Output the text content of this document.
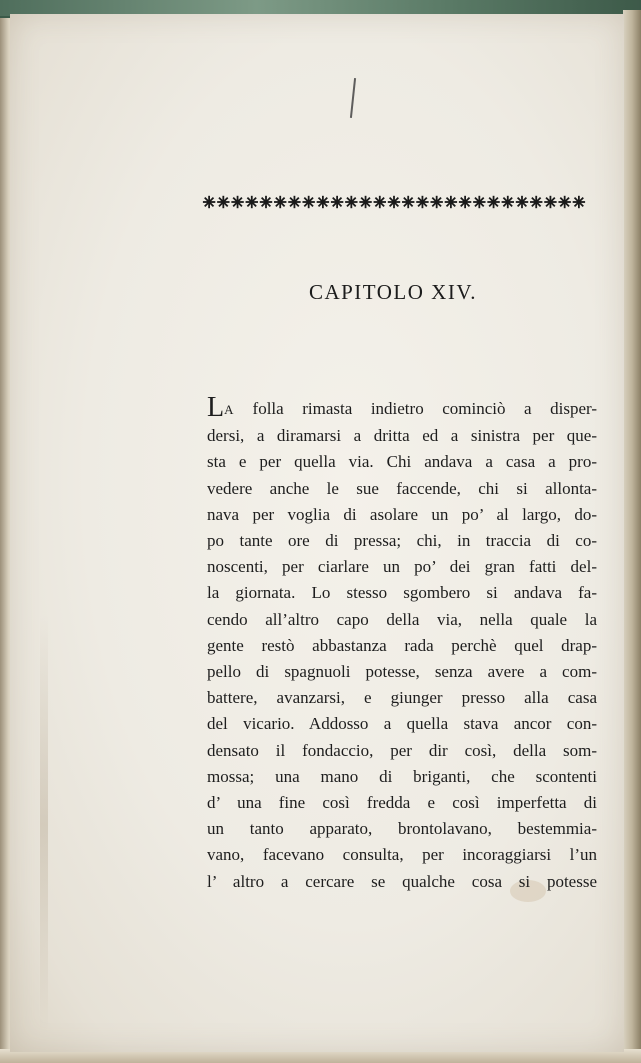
CAPITOLO XIV.
LA folla rimasta indietro cominciò a disper-
dersi, a diramarsi a dritta ed a sinistra per que-
sta e per quella via. Chi andava a casa a pro-
vedere anche le sue faccende, chi si allonta-
nava per voglia di asolare un po’ al largo, do-
po tante ore di pressa; chi, in traccia di co-
noscenti, per ciarlare un po’ dei gran fatti del-
la giornata. Lo stesso sgombero si andava fa-
cendo all’altro capo della via, nella quale la
gente restò abbastanza rada perchè quel drap-
pello di spagnuoli potesse, senza avere a com-
battere, avanzarsi, e giunger presso alla casa
del vicario. Addosso a quella stava ancor con-
densato il fondaccio, per dir così, della som-
mossa; una mano di briganti, che scontenti
d’ una fine così fredda e così imperfetta di
un tanto apparato, brontolavano, bestemmia-
vano, facevano consulta, per incoraggiarsi l’un
l’ altro a cercare se qualche cosa si potesse
